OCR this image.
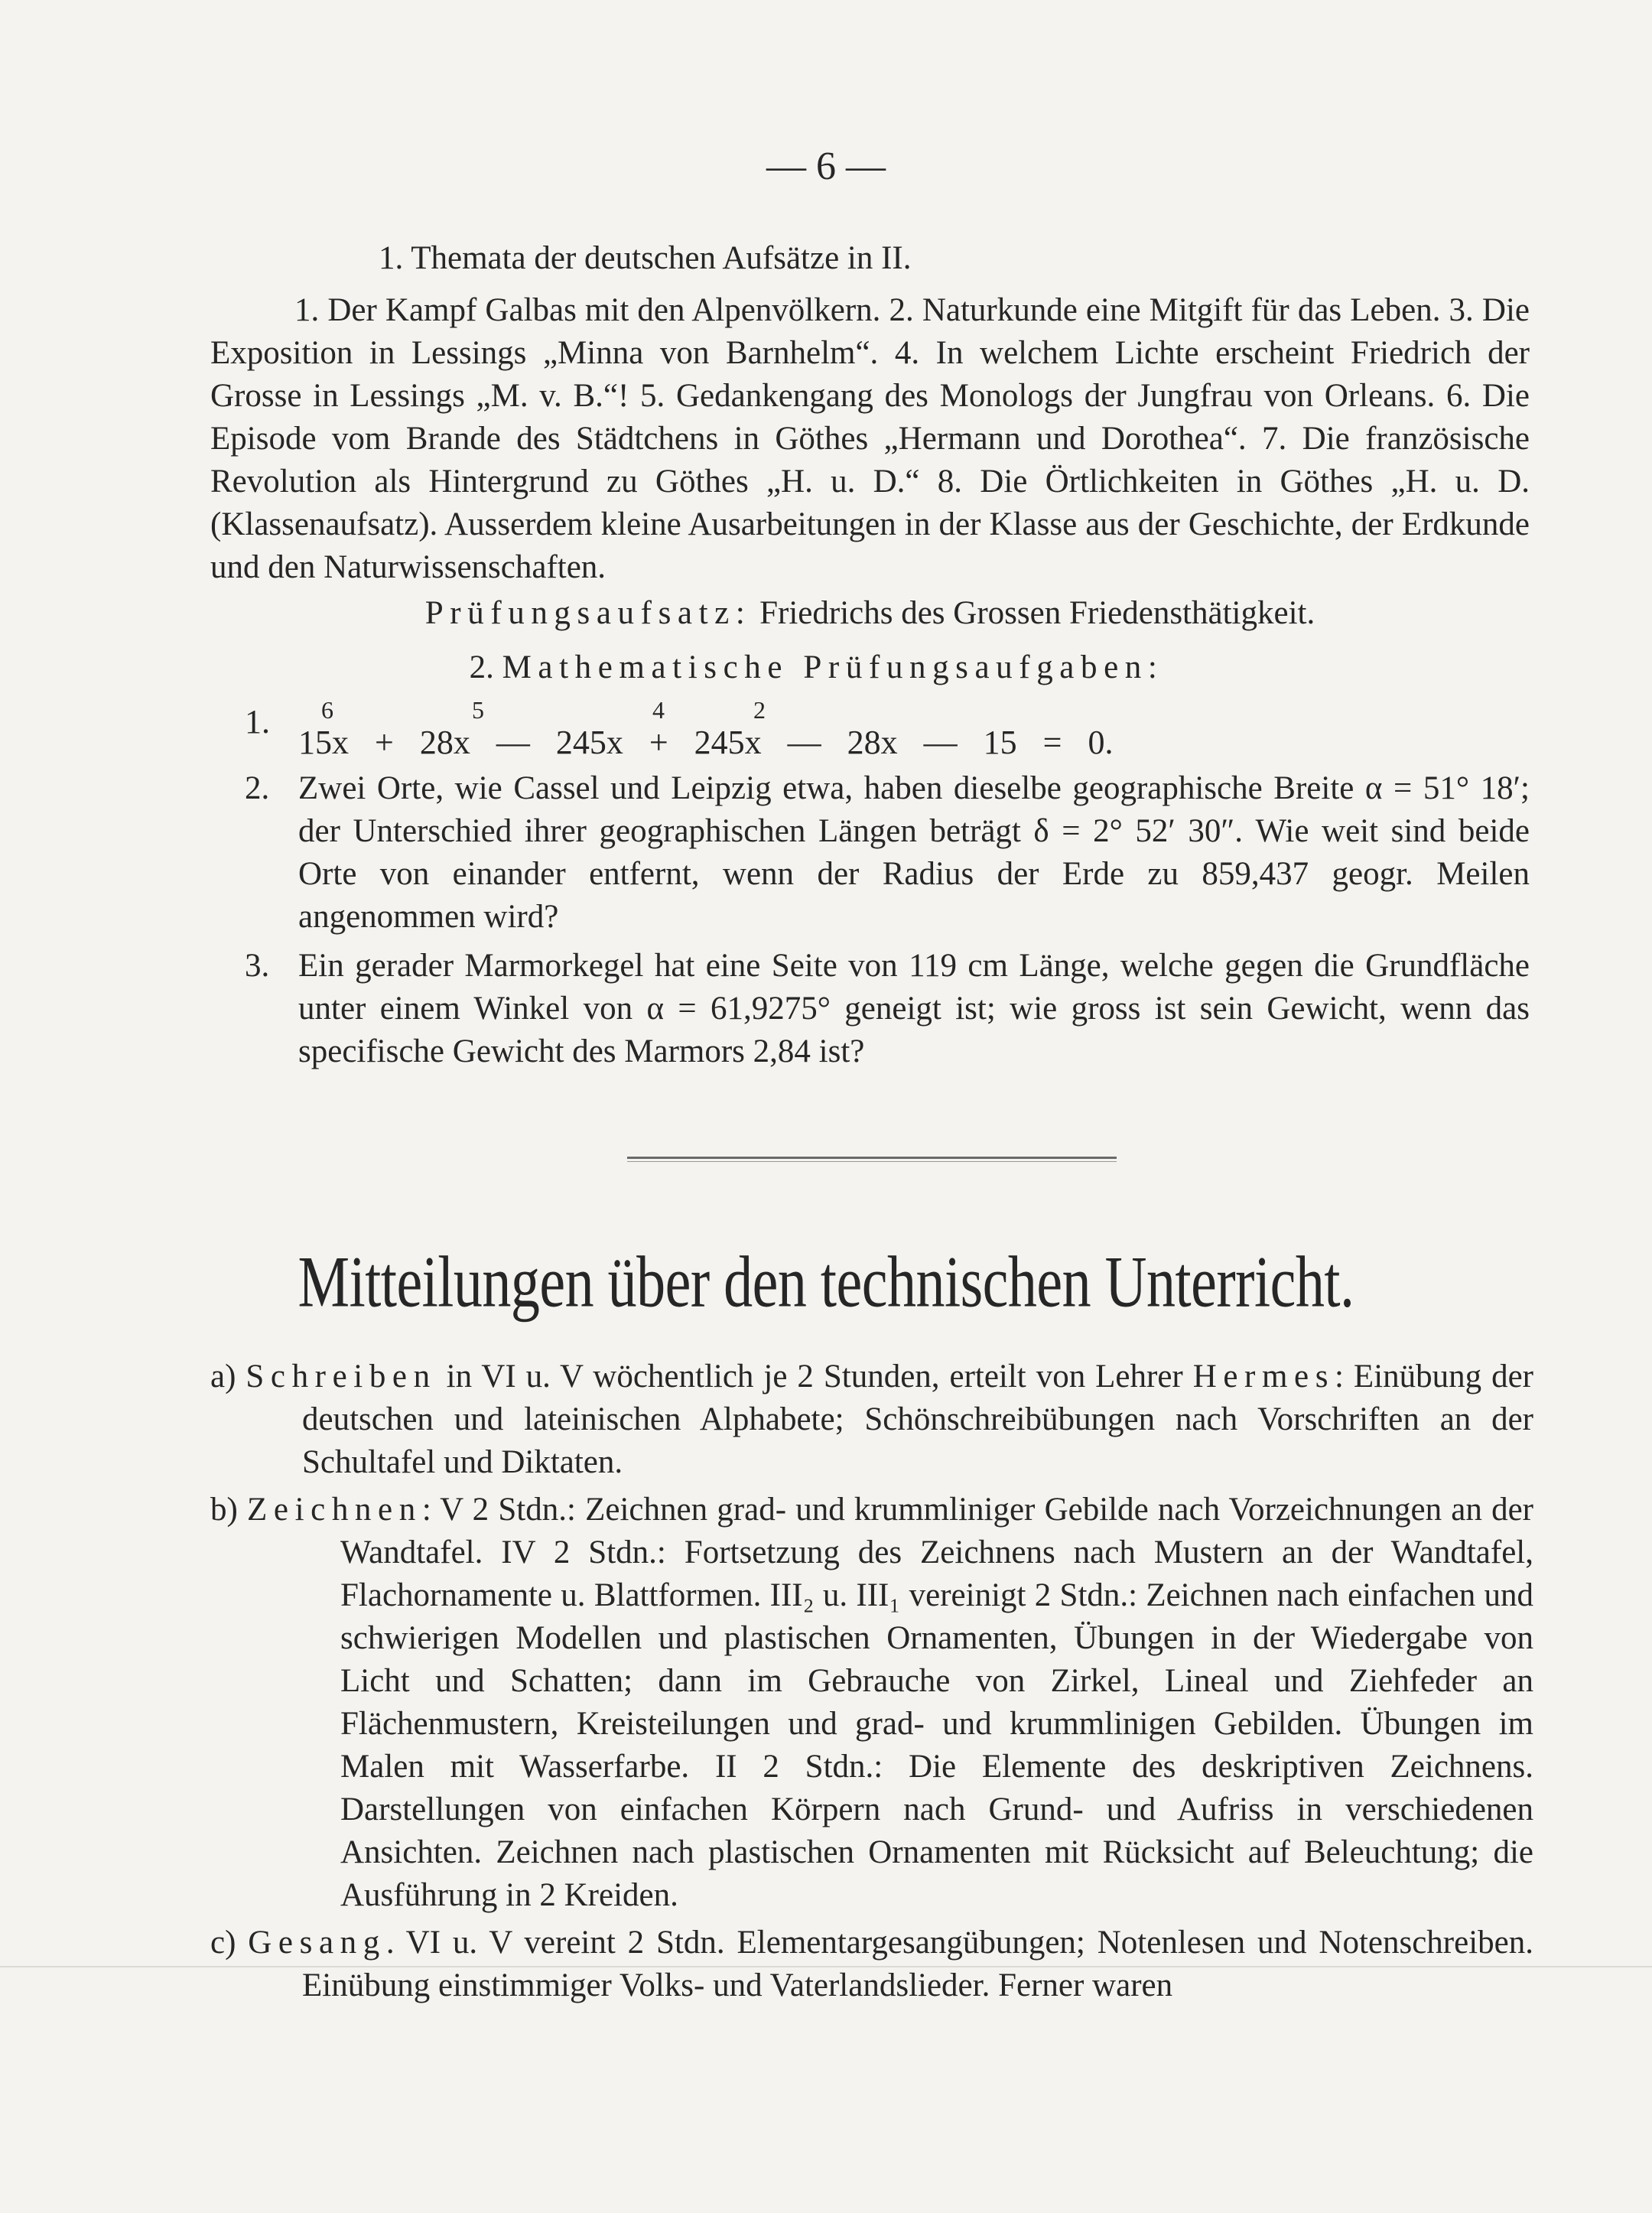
— 6 —

1. Themata der deutschen Aufsätze in II.

1. Der Kampf Galbas mit den Alpenvölkern. 2. Naturkunde eine Mitgift für das Leben. 3. Die Exposition in Lessings „Minna von Barnhelm“. 4. In welchem Lichte erscheint Friedrich der Grosse in Lessings „M. v. B.“! 5. Gedankengang des Monologs der Jungfrau von Orleans. 6. Die Episode vom Brande des Städtchens in Göthes „Hermann und Dorothea“. 7. Die französische Revolution als Hintergrund zu Göthes „H. u. D.“ 8. Die Örtlichkeiten in Göthes „H. u. D. (Klassenaufsatz). Ausserdem kleine Ausarbeitungen in der Klasse aus der Geschichte, der Erdkunde und den Naturwissenschaften.

Prüfungsaufsatz: Friedrichs des Grossen Friedensthätigkeit.

2. Mathematische Prüfungsaufgaben:

1. 6	5	4	2
15x  +  28x  —  245x  +  245x  —  28x  —  15  =  0.
2. Zwei Orte, wie Cassel und Leipzig etwa, haben dieselbe geographische Breite α = 51° 18′; der Unterschied ihrer geographischen Längen beträgt δ = 2° 52′ 30″. Wie weit sind beide Orte von einander entfernt, wenn der Radius der Erde zu 859,437 geogr. Meilen angenommen wird?

3. Ein gerader Marmorkegel hat eine Seite von 119 cm Länge, welche gegen die Grundfläche unter einem Winkel von α = 61,9275° geneigt ist; wie gross ist sein Gewicht, wenn das specifische Gewicht des Marmors 2,84 ist?

Mitteilungen über den technischen Unterricht.

a) Schreiben in VI u. V wöchentlich je 2 Stunden, erteilt von Lehrer Hermes: Einübung der deutschen und lateinischen Alphabete; Schönschreibübungen nach Vorschriften an der Schultafel und Diktaten.

b) Zeichnen: V 2 Stdn.: Zeichnen grad- und krummliniger Gebilde nach Vorzeichnungen an der Wandtafel. IV 2 Stdn.: Fortsetzung des Zeichnens nach Mustern an der Wandtafel, Flachornamente u. Blattformen. III₂ u. III₁ vereinigt 2 Stdn.: Zeichnen nach einfachen und schwierigen Modellen und plastischen Ornamenten, Übungen in der Wiedergabe von Licht und Schatten; dann im Gebrauche von Zirkel, Lineal und Ziehfeder an Flächenmustern, Kreisteilungen und grad- und krummlinigen Gebilden. Übungen im Malen mit Wasserfarbe. II 2 Stdn.: Die Elemente des deskriptiven Zeichnens. Darstellungen von einfachen Körpern nach Grund- und Aufriss in verschiedenen Ansichten. Zeichnen nach plastischen Ornamenten mit Rücksicht auf Beleuchtung; die Ausführung in 2 Kreiden.

c) Gesang. VI u. V vereint 2 Stdn. Elementargesangübungen; Notenlesen und Notenschreiben. Einübung einstimmiger Volks- und Vaterlandslieder. Ferner waren
